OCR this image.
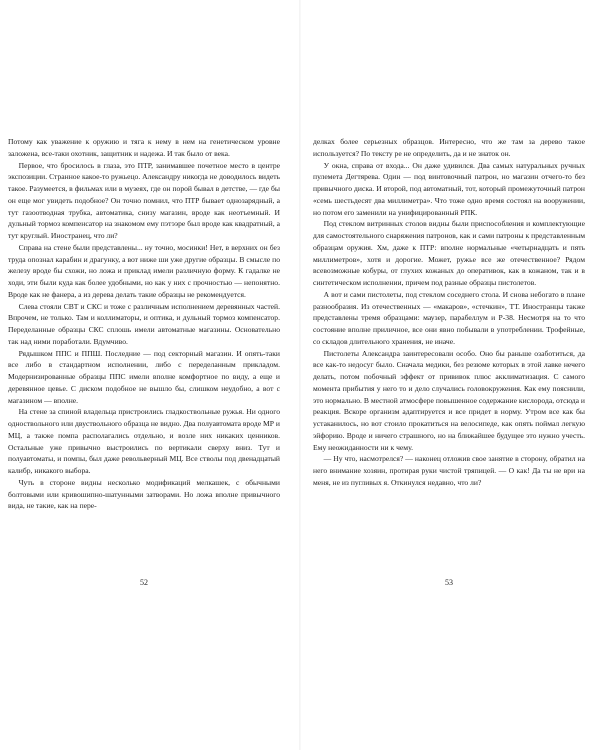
Потому как уважение к оружию и тяга к нему в нем на генетическом уровне заложена, все-таки охотник, защитник и надежа. И так было от века.

Первое, что бросилось в глаза, это ПТР, занимавшее почетное место в центре экспозиции. Странное какое-то ружьецо. Александру никогда не доводилось видеть такое. Разумеется, в фильмах или в музеях, где он порой бывал в детстве, — где бы он еще мог увидеть подобное? Он точно помнил, что ПТР бывает однозарядный, а тут газоотводная трубка, автоматика, снизу магазин, вроде как неотъемный. И дульный тормоз компенсатор на знакомом ему пэтээре был вроде как квадратный, а тут круглый. Иностранец, что ли?

Справа на стене были представлены... ну точно, мосинки! Нет, в верхних он без труда опознал карабин и драгунку, а вот ниже ши уже другие образцы. В смысле по железу вроде бы схожи, но ложа и приклад имели различную форму. К гадалке не ходи, эти были куда как более удобными, но как у них с прочностью — непонятно. Вроде как не фанера, а из дерева делать такие образцы не рекомендуется.

Слева стояли СВТ и СКС и тоже с различным исполнением деревянных частей. Впрочем, не только. Там и коллиматоры, и оптика, и дульный тормоз компенсатор. Переделанные образцы СКС сплошь имели автоматные магазины. Основательно так над ними поработали. Вдумчиво.

Рядышком ППС и ППШ. Последние — под секторный магазин. И опять-таки все либо в стандартном исполнении, либо с переделанным прикладом. Модернизированные образцы ППС имели вполне комфортное по виду, а еще и деревянное цевье. С диском подобное не вышло бы, слишком неудобно, а вот с магазином — вполне.

На стене за спиной владельца пристроились гладкоствольные ружья. Ни одного одноствольного или двуствольного образца не видно. Два полуавтомата вроде МР и МЦ, а также помпа располагались отдельно, и возле них никаких ценников. Остальные уже привычно выстроились по вертикали сверху вниз. Тут и полуавтоматы, и помпы, был даже револьверный МЦ. Все стволы под двенадцатый калибр, никакого выбора.

Чуть в стороне видны несколько модификаций мелкашек, с обычными болтовыми или кривошипно-шатунными затворами. Но ложа вполне привычного вида, не такие, как на пере-

делках более серьезных образцов. Интересно, что же там за дерево такое используется? По тексту ре не определить, да и не знаток он.

У окна, справа от входа... Он даже удивился. Два самых натуральных ручных пулемета Дегтярева. Один — под винтовочный патрон, но магазин отчего-то без привычного диска. И второй, под автоматный, тот, который промежуточный патрон «семь шестьдесят два миллиметра». Что тоже одно время состоял на вооружении, но потом его заменили на унифицированный РПК.

Под стеклом витринных столов видны были приспособления и комплектующие для самостоятельного снаряжения патронов, как и сами патроны к представленным образцам оружия. Хм, даже к ПТР: вполне нормальные «четырнадцать и пять миллиметров», хотя и дорогие. Может, ружье все же отечественное? Рядом всевозможные кобуры, от глухих кожаных до оперативок, как в кожаном, так и в синтетическом исполнении, причем под разные образцы пистолетов.

А вот и сами пистолеты, под стеклом соседнего стола. И снова небогато в плане разнообразия. Из отечественных — «макаров», «стечкин», ТТ. Иностранцы также представлены тремя образцами: маузер, парабеллум и Р-38. Несмотря на то что состояние вполне приличное, все они явно побывали в употреблении. Трофейные, со складов длительного хранения, не иначе.

Пистолеты Александра заинтересовали особо. Оно бы раньше озаботиться, да все как-то недосуг было. Сначала медики, без резюме которых в этой лавке нечего делать, потом побочный эффект от прививок плюс акклиматизация. С самого момента прибытия у него то и дело случались головокружения. Как ему пояснили, это нормально. В местной атмосфере повышенное содержание кислорода, отсюда и реакция. Вскоре организм адаптируется и все придет в норму. Утром все как бы устаканилось, но вот стоило прокатиться на велосипеде, как опять поймал легкую эйфорию. Вроде и ничего страшного, но на ближайшее будущее это нужно учесть. Ему неожиданности ни к чему.

— Ну что, насмотрелся? — наконец отложив свое занятие в сторону, обратил на него внимание хозяин, протирая руки чистой тряпицей. — О как! Да ты не ври на меня, не из пугливых я. Откинулся недавно, что ли?

52	53
